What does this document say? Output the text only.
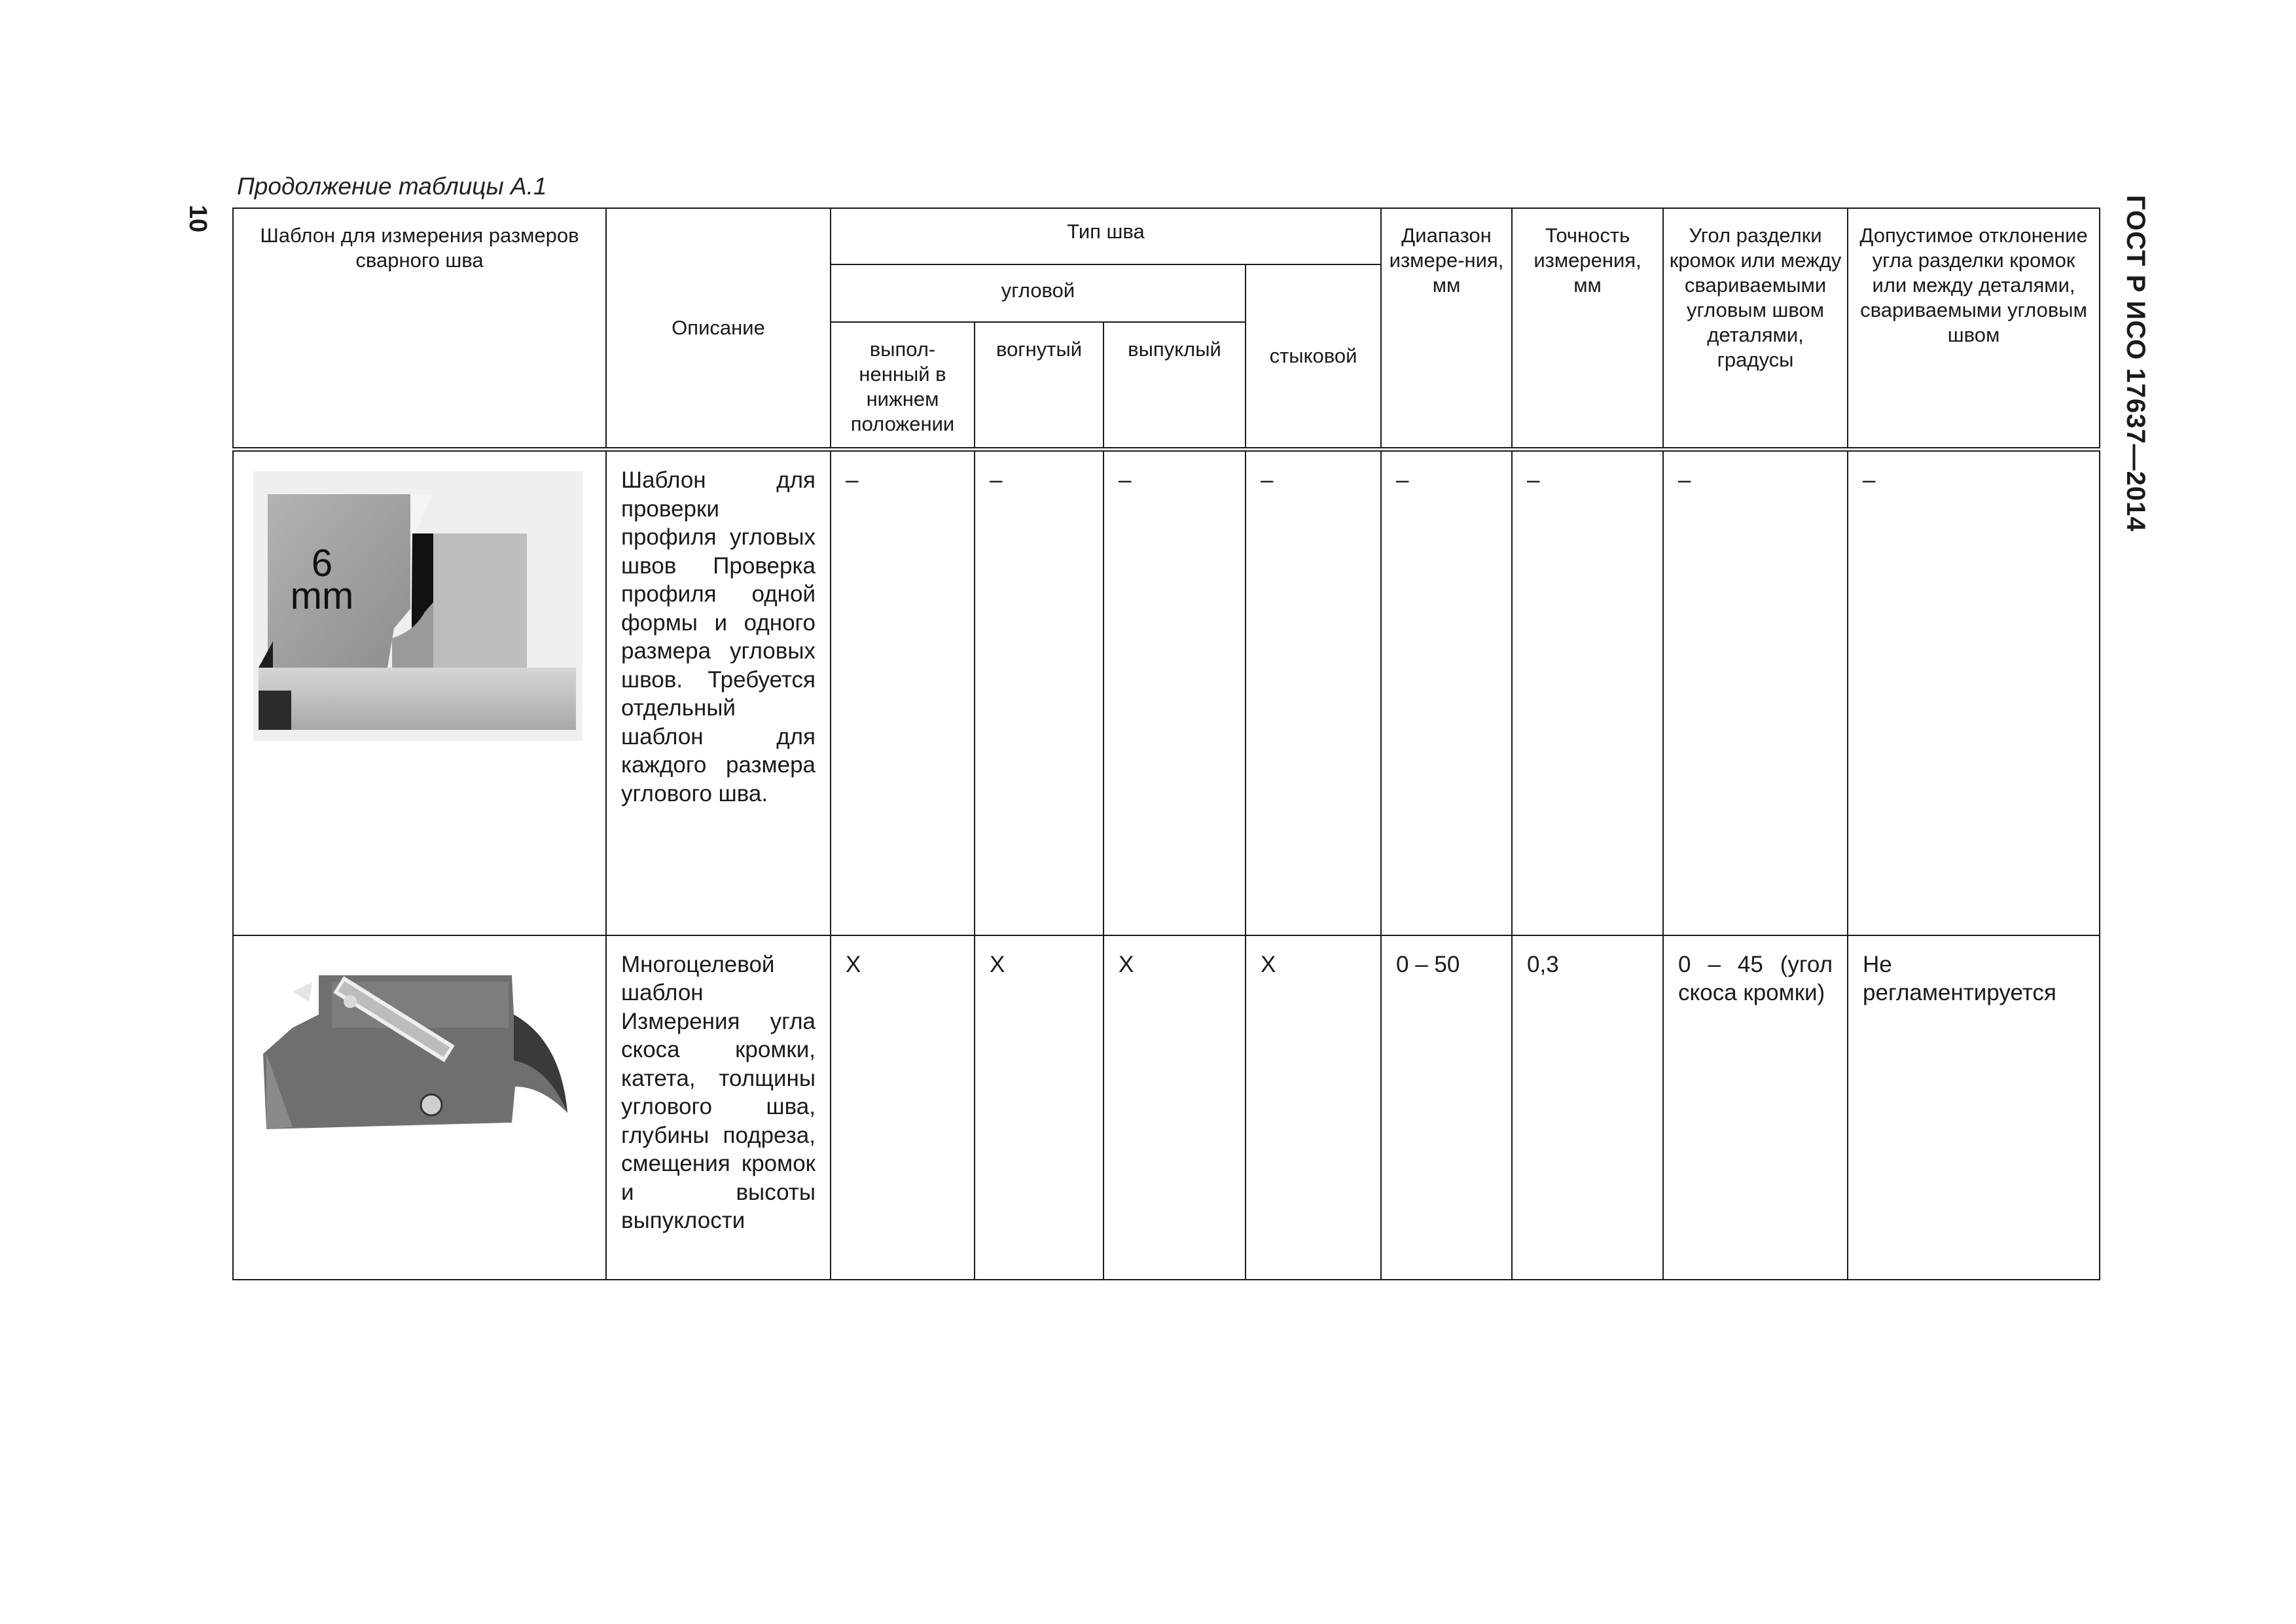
10	ГОСТ Р ИСО 17637—2014
Продолжение таблицы А.1
Шаблон для измерения размеров сварного шва	Описание	Тип шва				Диапазон измере-ния, мм	Точность измерения, мм	Угол разделки кромок или между свариваемыми угловым швом деталями, градусы	Допустимое отклонение угла разделки кромок или между деталями, свариваемыми угловым швом
		угловой			стыковой				
		выпол-ненный в нижнем положении	вогнутый	выпуклый					

6
mm	Шаблон для проверки профиля угловых швов Проверка профиля одной формы и одного размера угловых швов. Требуется отдельный шаблон для каждого размера углового шва.	–	–	–	–	–	–	–	–

	Многоцелевой шаблон Измерения угла скоса кромки, катета, толщины углового шва, глубины подреза, смещения кромок и высоты выпуклости	X	X	X	X	0 – 50	0,3	0 – 45 (угол скоса кромки)	Не регламентируется
